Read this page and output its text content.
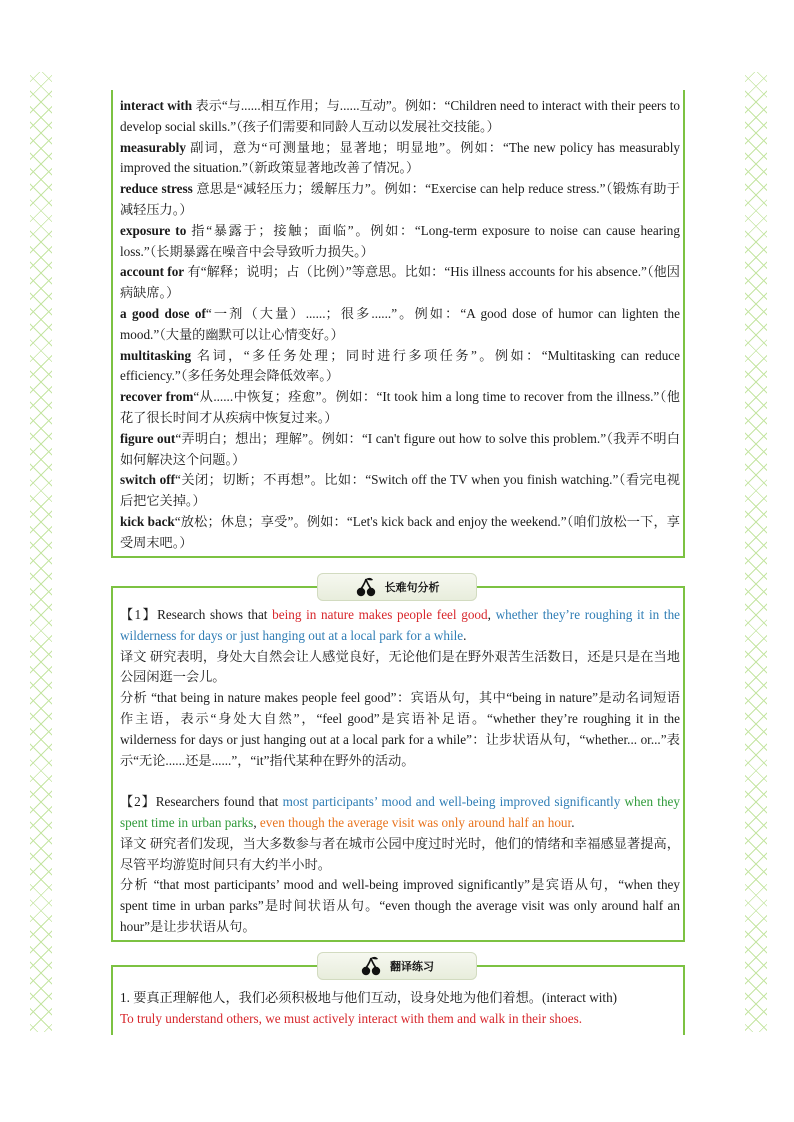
interact with 表示“与......相互作用；与......互动”。例如：“Children need to interact with their peers to develop social skills.”（孩子们需要和同龄人互动以发展社交技能。）

measurably 副词，意为“可测量地；显著地；明显地”。例如：“The new policy has measurably improved the situation.”（新政策显著地改善了情况。）

reduce stress 意思是“减轻压力；缓解压力”。例如：“Exercise can help reduce stress.”（锻炼有助于减轻压力。）

exposure to 指“暴露于；接触；面临”。例如：“Long-term exposure to noise can cause hearing loss.”（长期暴露在噪音中会导致听力损失。）

account for 有“解释；说明；占（比例）”等意思。比如：“His illness accounts for his absence.”（他因病缺席。）

a good dose of“一剂（大量）......；很多......”。例如：“A good dose of humor can lighten the mood.”（大量的幽默可以让心情变好。）

multitasking 名词，“多任务处理；同时进行多项任务”。例如：“Multitasking can reduce efficiency.”（多任务处理会降低效率。）

recover from“从......中恢复；痊愈”。例如：“It took him a long time to recover from the illness.”（他花了很长时间才从疾病中恢复过来。）

figure out“弄明白；想出；理解”。例如：“I can't figure out how to solve this problem.”（我弄不明白如何解决这个问题。）

switch off“关闭；切断；不再想”。比如：“Switch off the TV when you finish watching.”（看完电视后把它关掉。）

kick back“放松；休息；享受”。例如：“Let's kick back and enjoy the weekend.”（咱们放松一下，享受周末吧。）

长难句分析

【1】Research shows that being in nature makes people feel good, whether they’re roughing it in the wilderness for days or just hanging out at a local park for a while.

译文 研究表明，身处大自然会让人感觉良好，无论他们是在野外艰苦生活数日，还是只是在当地公园闲逛一会儿。

分析 “that being in nature makes people feel good”：宾语从句，其中“being in nature”是动名词短语作主语，表示“身处大自然”，“feel good”是宾语补足语。“whether they’re roughing it in the wilderness for days or just hanging out at a local park for a while”：让步状语从句，“whether... or...”表示“无论......还是......”，“it”指代某种在野外的活动。

【2】Researchers found that most participants’ mood and well-being improved significantly when they spent time in urban parks, even though the average visit was only around half an hour.

译文 研究者们发现，当大多数参与者在城市公园中度过时光时，他们的情绪和幸福感显著提高，尽管平均游览时间只有大约半小时。

分析 “that most participants’ mood and well-being improved significantly”是宾语从句，“when they spent time in urban parks”是时间状语从句。“even though the average visit was only around half an hour”是让步状语从句。

翻译练习

1. 要真正理解他人，我们必须积极地与他们互动，设身处地为他们着想。(interact with)

To truly understand others, we must actively interact with them and walk in their shoes.
